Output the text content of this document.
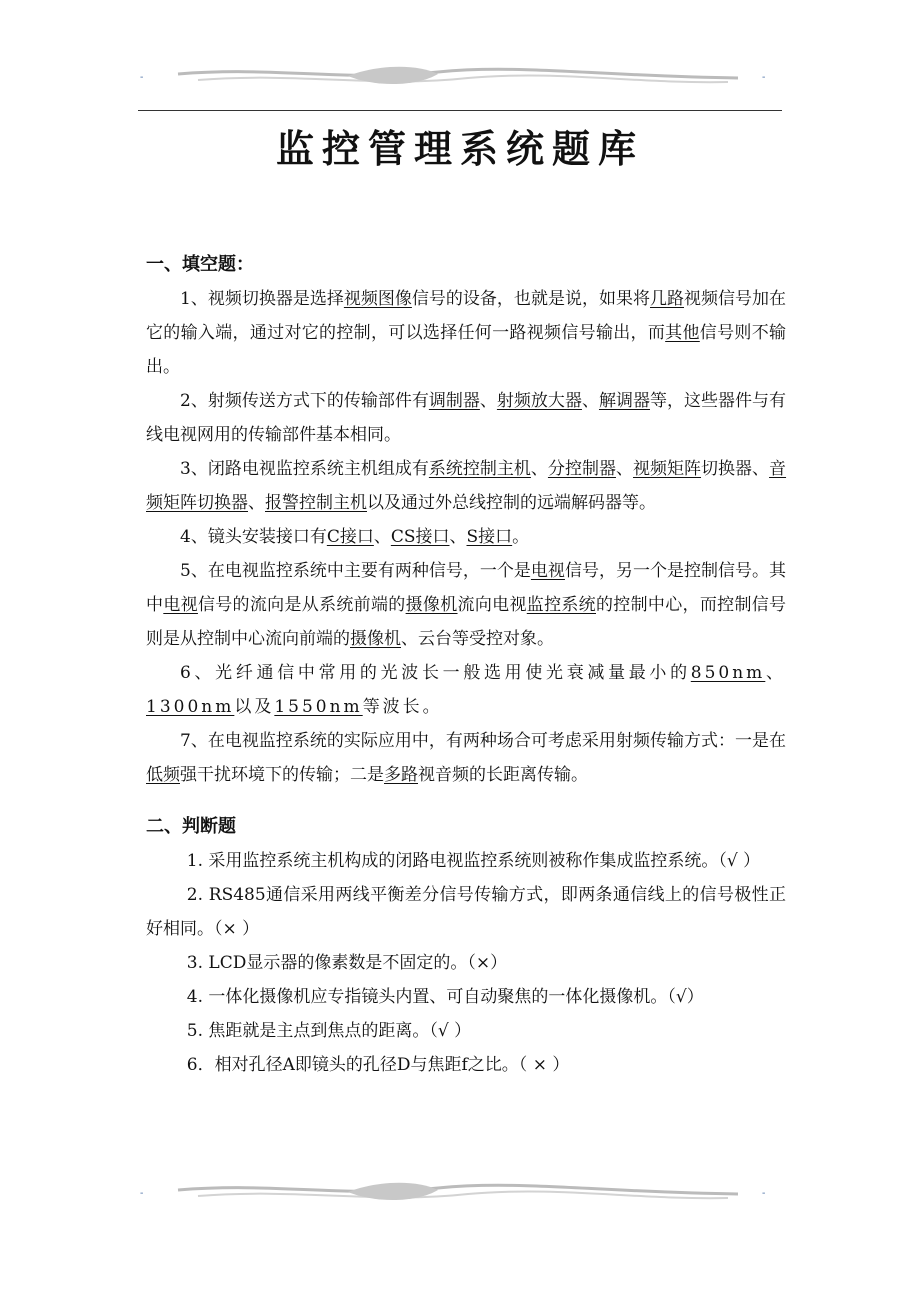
-	-
监控管理系统题库
一、填空题：

1、视频切换器是选择视频图像信号的设备，也就是说，如果将几路视频信号加在它的输入端，通过对它的控制，可以选择任何一路视频信号输出，而其他信号则不输出。

2、射频传送方式下的传输部件有调制器、射频放大器、解调器等，这些器件与有线电视网用的传输部件基本相同。

3、闭路电视监控系统主机组成有系统控制主机、分控制器、视频矩阵切换器、音频矩阵切换器、报警控制主机以及通过外总线控制的远端解码器等。

4、镜头安装接口有C接口、CS接口、S接口。

5、在电视监控系统中主要有两种信号，一个是电视信号，另一个是控制信号。其中电视信号的流向是从系统前端的摄像机流向电视监控系统的控制中心，而控制信号则是从控制中心流向前端的摄像机、云台等受控对象。

6、光纤通信中常用的光波长一般选用使光衰减量最小的850nm、1300nm以及1550nm等波长。

7、在电视监控系统的实际应用中，有两种场合可考虑采用射频传输方式：一是在低频强干扰环境下的传输；二是多路视音频的长距离传输。

二、判断题

1. 采用监控系统主机构成的闭路电视监控系统则被称作集成监控系统。（√ ）

2. RS485通信采用两线平衡差分信号传输方式，即两条通信线上的信号极性正好相同。（× ）

3. LCD显示器的像素数是不固定的。（×）

4. 一体化摄像机应专指镜头内置、可自动聚焦的一体化摄像机。（√）

5. 焦距就是主点到焦点的距离。（√ ）

6．相对孔径A即镜头的孔径D与焦距f之比。（ × ）

-	-
